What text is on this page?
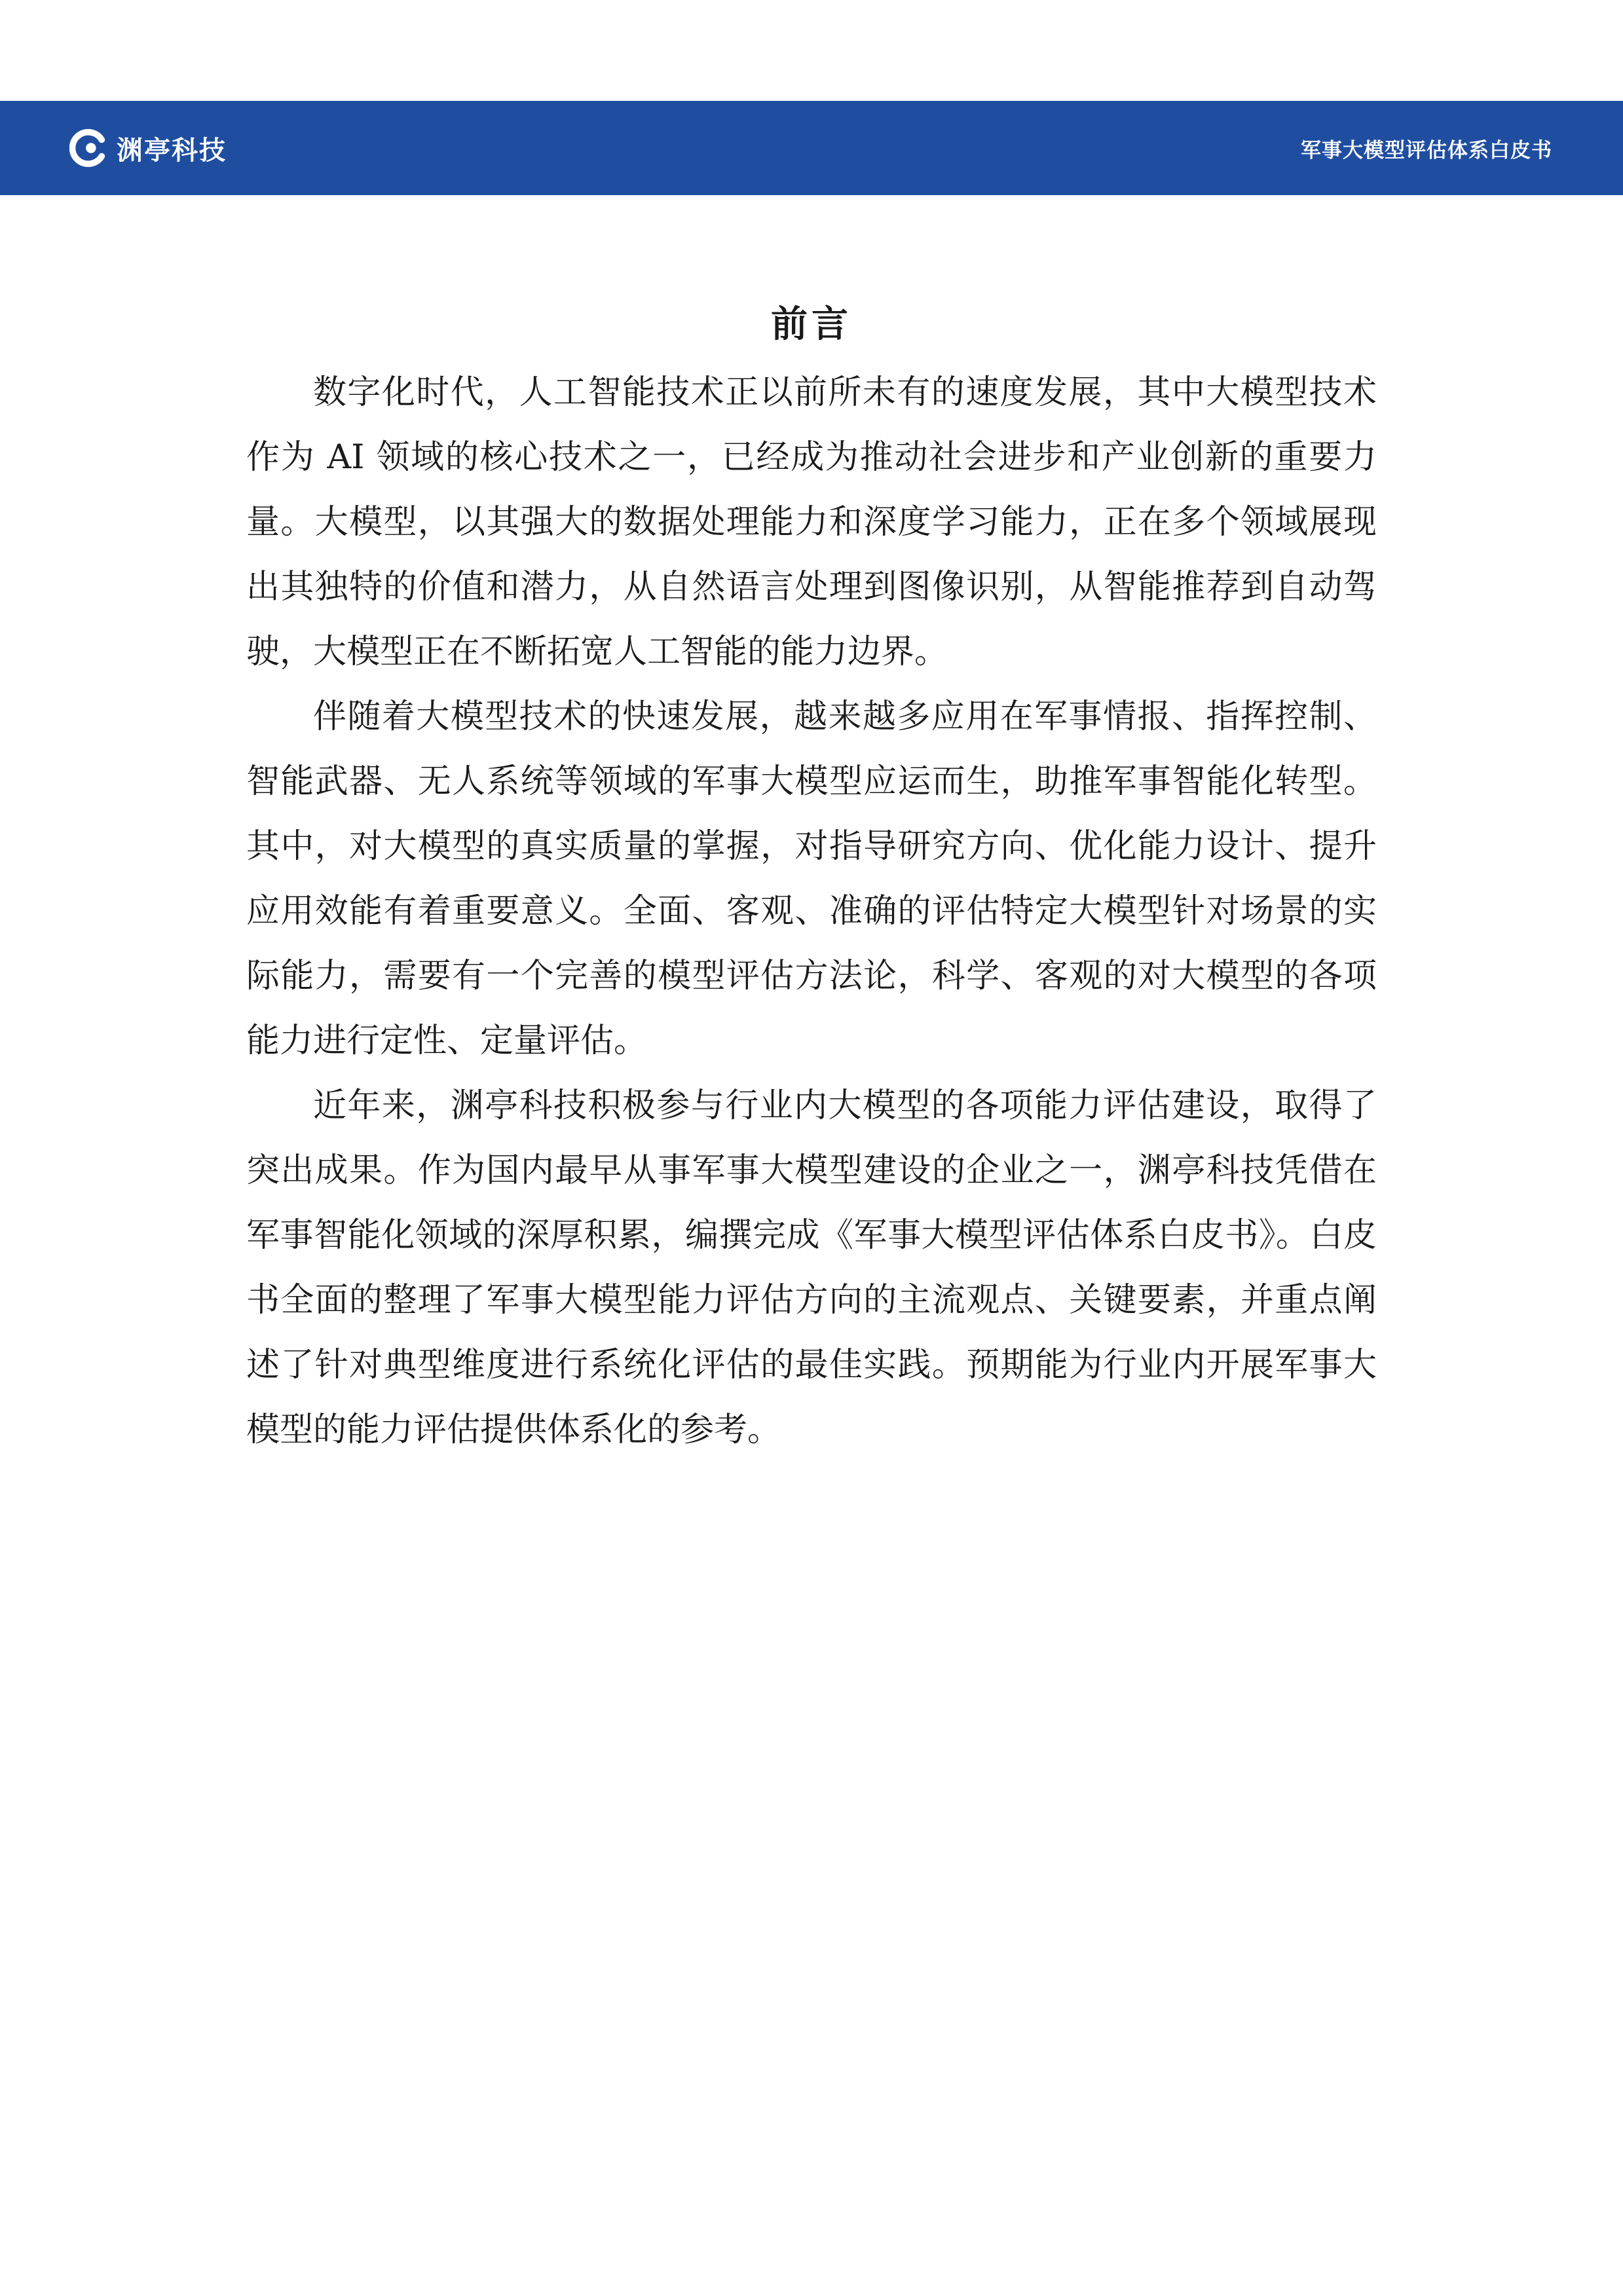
渊亭科技	军事大模型评估体系白皮书
前言

数字化时代，人工智能技术正以前所未有的速度发展，其中大模型技术作为 AI 领域的核心技术之一，已经成为推动社会进步和产业创新的重要力量。大模型，以其强大的数据处理能力和深度学习能力，正在多个领域展现出其独特的价值和潜力，从自然语言处理到图像识别，从智能推荐到自动驾驶，大模型正在不断拓宽人工智能的能力边界。

伴随着大模型技术的快速发展，越来越多应用在军事情报、指挥控制、智能武器、无人系统等领域的军事大模型应运而生，助推军事智能化转型。其中，对大模型的真实质量的掌握，对指导研究方向、优化能力设计、提升应用效能有着重要意义。全面、客观、准确的评估特定大模型针对场景的实际能力，需要有一个完善的模型评估方法论，科学、客观的对大模型的各项能力进行定性、定量评估。

近年来，渊亭科技积极参与行业内大模型的各项能力评估建设，取得了突出成果。作为国内最早从事军事大模型建设的企业之一，渊亭科技凭借在军事智能化领域的深厚积累，编撰完成《军事大模型评估体系白皮书》。白皮书全面的整理了军事大模型能力评估方向的主流观点、关键要素，并重点阐述了针对典型维度进行系统化评估的最佳实践。预期能为行业内开展军事大模型的能力评估提供体系化的参考。
